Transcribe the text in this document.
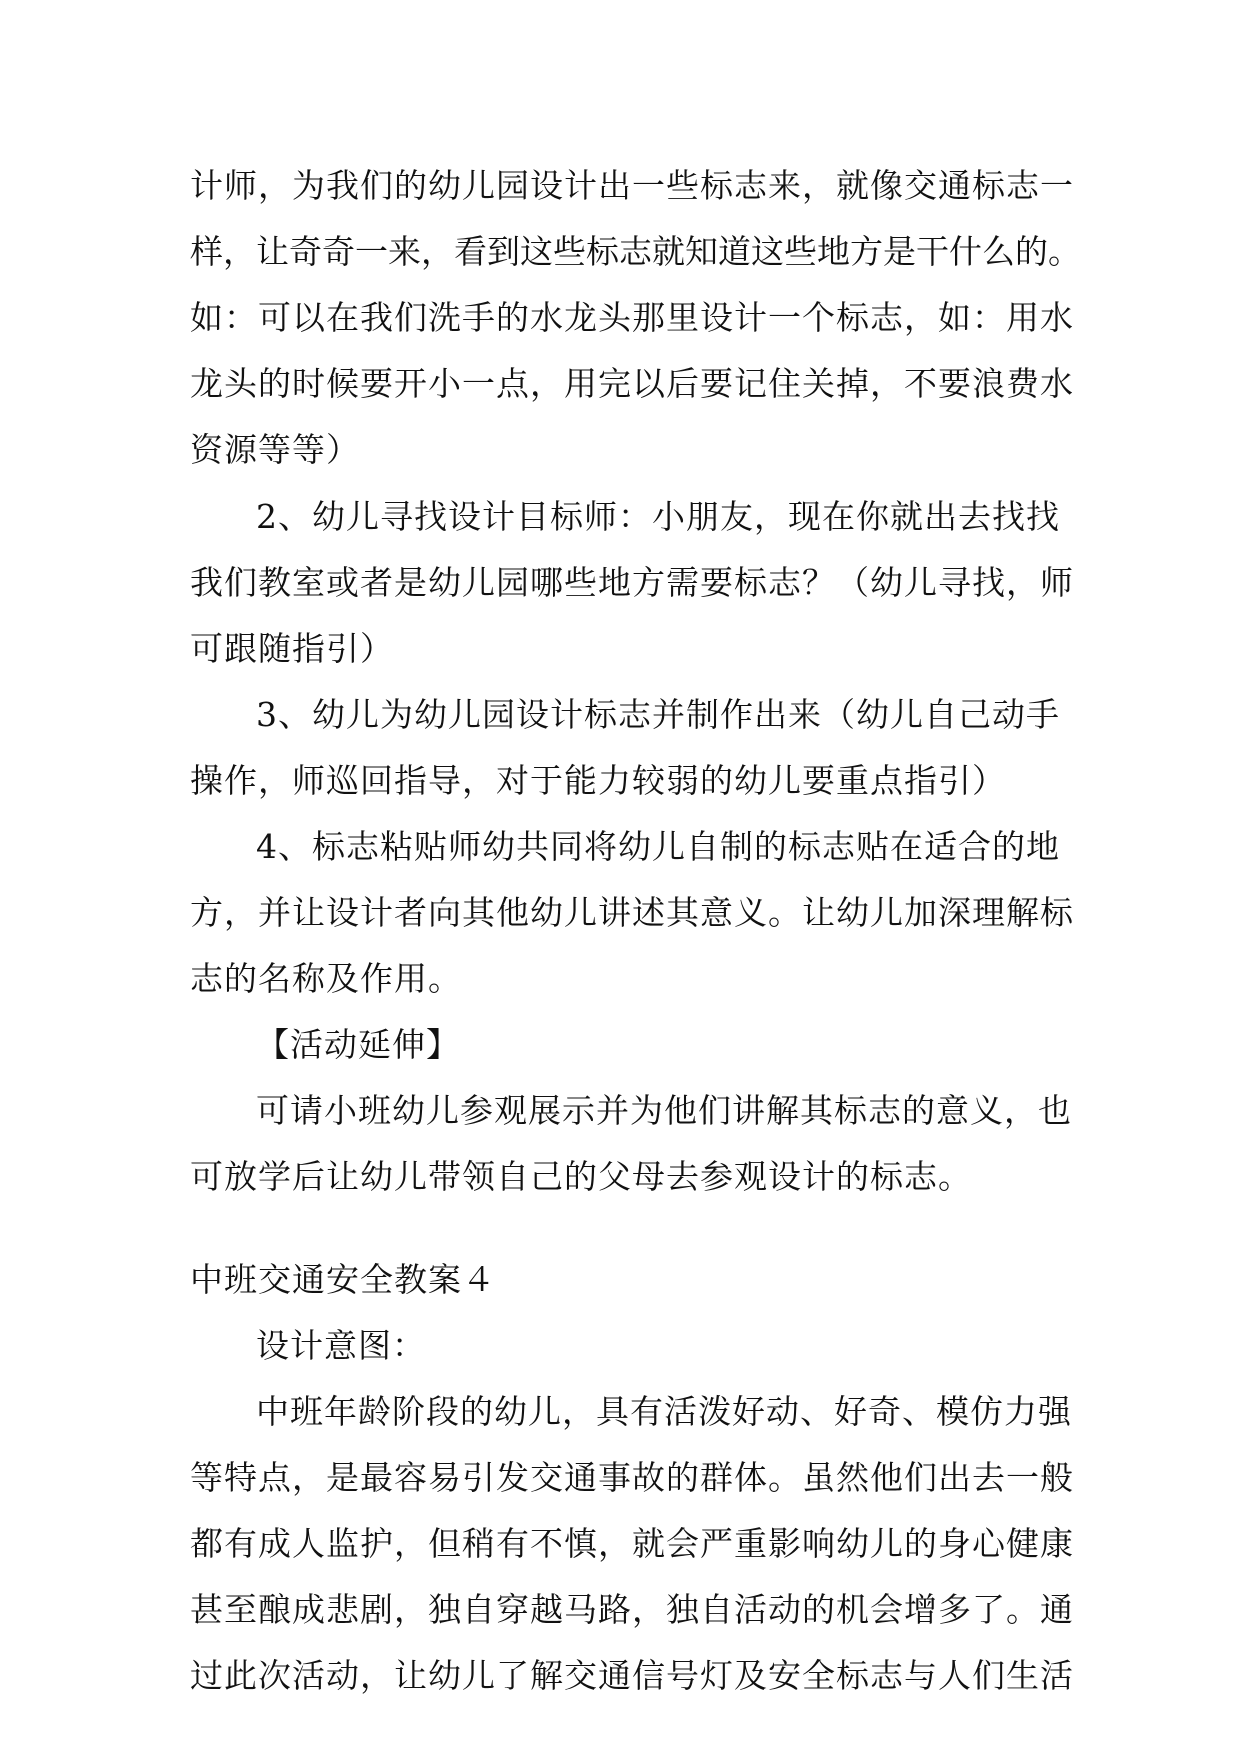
计师，为我们的幼儿园设计出一些标志来，就像交通标志一
样，让奇奇一来，看到这些标志就知道这些地方是干什么的。
如：可以在我们洗手的水龙头那里设计一个标志，如：用水
龙头的时候要开小一点，用完以后要记住关掉，不要浪费水
资源等等）
2、幼儿寻找设计目标师：小朋友，现在你就出去找找
我们教室或者是幼儿园哪些地方需要标志？（幼儿寻找，师
可跟随指引）
3、幼儿为幼儿园设计标志并制作出来（幼儿自己动手
操作，师巡回指导，对于能力较弱的幼儿要重点指引）
4、标志粘贴师幼共同将幼儿自制的标志贴在适合的地
方，并让设计者向其他幼儿讲述其意义。让幼儿加深理解标
志的名称及作用。
【活动延伸】
可请小班幼儿参观展示并为他们讲解其标志的意义，也
可放学后让幼儿带领自己的父母去参观设计的标志。
中班交通安全教案４
设计意图：
中班年龄阶段的幼儿，具有活泼好动、好奇、模仿力强
等特点，是最容易引发交通事故的群体。虽然他们出去一般
都有成人监护，但稍有不慎，就会严重影响幼儿的身心健康
甚至酿成悲剧，独自穿越马路，独自活动的机会增多了。通
过此次活动，让幼儿了解交通信号灯及安全标志与人们生活
